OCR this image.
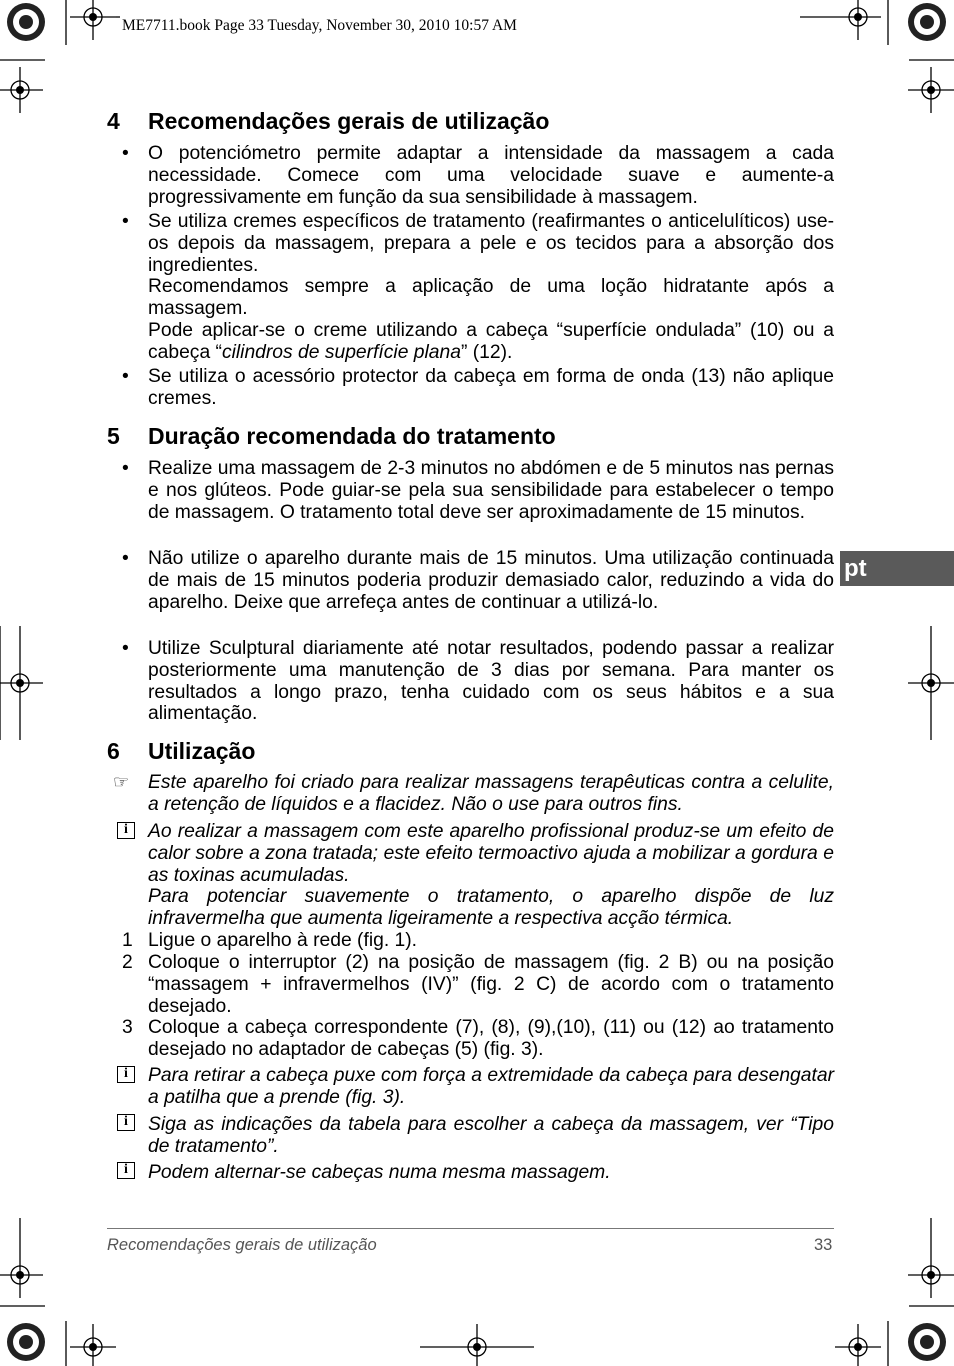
ME7711.book Page 33 Tuesday, November 30, 2010 10:57 AM
pt
4 Recomendações gerais de utilização
• O potenciómetro permite adaptar a intensidade da massagem a cada necessidade. Comece com uma velocidade suave e aumente-a progressivamente em função da sua sensibilidade à massagem.
• Se utiliza cremes específicos de tratamento (reafirmantes o anticelulíticos) use-os depois da massagem, prepara a pele e os tecidos para a absorção dos ingredientes.
Recomendamos sempre a aplicação de uma loção hidratante após a massagem.
Pode aplicar-se o creme utilizando a cabeça “superfície ondulada” (10) ou a cabeça “cilindros de superfície plana” (12).
• Se utiliza o acessório protector da cabeça em forma de onda (13) não aplique cremes.
5 Duração recomendada do tratamento
• Realize uma massagem de 2-3 minutos no abdómen e de 5 minutos nas pernas e nos glúteos. Pode guiar-se pela sua sensibilidade para estabelecer o tempo de massagem. O tratamento total deve ser aproximadamente de 15 minutos.
• Não utilize o aparelho durante mais de 15 minutos. Uma utilização continuada de mais de 15 minutos poderia produzir demasiado calor, reduzindo a vida do aparelho. Deixe que arrefeça antes de continuar a utilizá-lo.
• Utilize Sculptural diariamente até notar resultados, podendo passar a realizar posteriormente uma manutenção de 3 dias por semana. Para manter os resultados a longo prazo, tenha cuidado com os seus hábitos e a sua alimentação.
6 Utilização
☞ Este aparelho foi criado para realizar massagens terapêuticas contra a celulite, a retenção de líquidos e a flacidez. Não o use para outros fins.
i	Ao realizar a massagem com este aparelho profissional produz-se um efeito de calor sobre a zona tratada; este efeito termoactivo ajuda a mobilizar a gordura e as toxinas acumuladas.
Para potenciar suavemente o tratamento, o aparelho dispõe de luz infravermelha que aumenta ligeiramente a respectiva acção térmica.
1 Ligue o aparelho à rede (fig. 1).
2 Coloque o interruptor (2) na posição de massagem (fig. 2 B) ou na posição “massagem + infravermelhos (IV)” (fig. 2 C) de acordo com o tratamento desejado.
3 Coloque a cabeça correspondente (7), (8), (9),(10), (11) ou (12) ao tratamento desejado no adaptador de cabeças (5) (fig. 3).
i	Para retirar a cabeça puxe com força a extremidade da cabeça para desengatar a patilha que a prende (fig. 3).
i	Siga as indicações da tabela para escolher a cabeça da massagem, ver “Tipo de tratamento”.
i	Podem alternar-se cabeças numa mesma massagem.
Recomendações gerais de utilização	33
